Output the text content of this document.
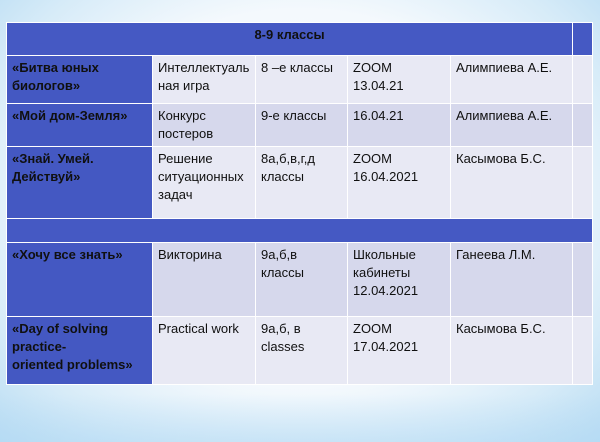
8-9 классы					

«Битва юных биологов»	Интеллектуаль
ная игра	8 –е классы	ZOOM
13.04.21	Алимпиева А.Е.	

«Мой дом-Земля»	Конкурс
постеров	9-е классы	16.04.21	Алимпиева А.Е.	

«Знай. Умей. Действуй»	Решение
ситуационных
задач	8а,б,в,г,д
классы	ZOOM
16.04.2021	Касымова Б.С.	

«Хочу все знать»	Викторина	9а,б,в классы	Школьные
кабинеты
12.04.2021	Ганеева Л.М.	

«Day of solving practice-
oriented problems»	Practical work	9а,б, в classes	ZOOM
17.04.2021	Касымова Б.С.	
